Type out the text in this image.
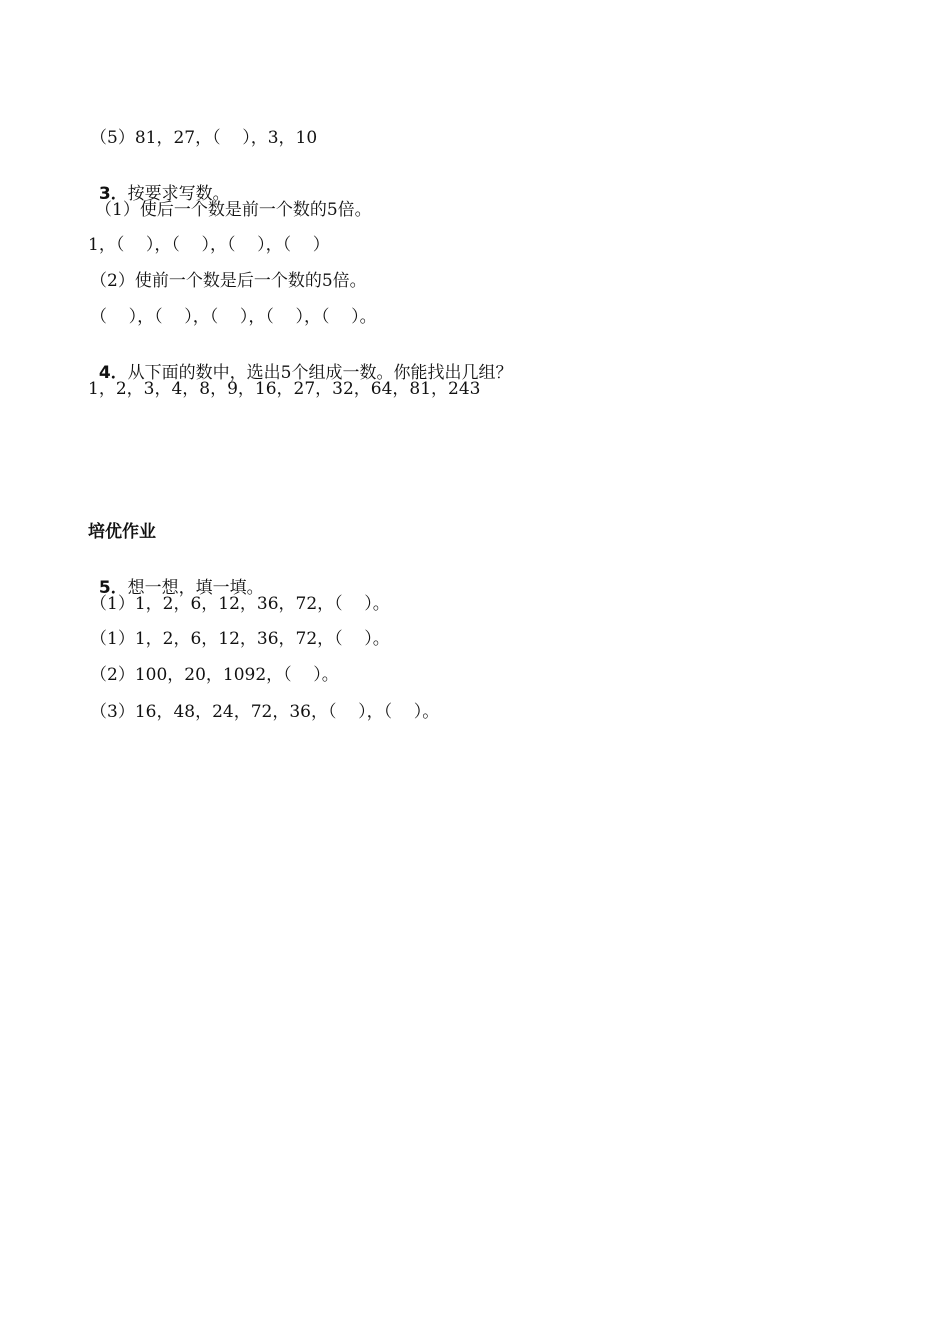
（5）81，27，（    ），3，10

3．按要求写数。

（1）使后一个数是前一个数的5倍。
1，（    ），（    ），（    ），（    ）
（2）使前一个数是后一个数的5倍。
（    ），（    ），（    ），（    ），（    ）。

4．从下面的数中，选出5个组成一数。你能找出几组？

1，2，3，4，8，9，16，27，32，64，81，243
培优作业

5．想一想，填一填。

（1）1，2，6，12，36，72，（    ）。
（1）1，2，6，12，36，72，（    ）。
（2）100，20，1092，（    ）。
（3）16，48，24，72，36，（    ），（    ）。
